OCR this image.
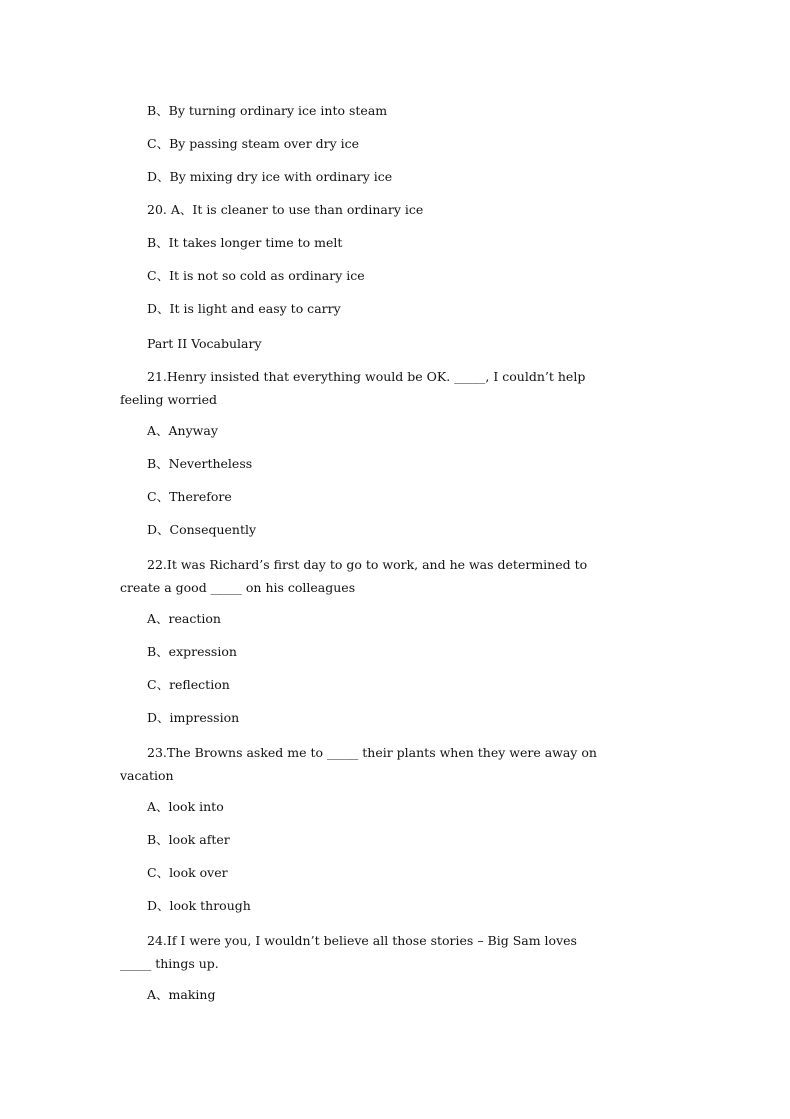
B、By turning ordinary ice into steam
C、By passing steam over dry ice
D、By mixing dry ice with ordinary ice
20. A、It is cleaner to use than ordinary ice
B、It takes longer time to melt
C、It is not so cold as ordinary ice
D、It is light and easy to carry
Part II Vocabulary
21.Henry insisted that everything would be OK. _____, I couldn’t help
feeling worried
A、Anyway
B、Nevertheless
C、Therefore
D、Consequently
22.It was Richard’s first day to go to work, and he was determined to
create a good _____ on his colleagues
A、reaction
B、expression
C、reflection
D、impression
23.The Browns asked me to _____ their plants when they were away on
vacation
A、look into
B、look after
C、look over
D、look through
24.If I were you, I wouldn’t believe all those stories – Big Sam loves
_____ things up.
A、making
